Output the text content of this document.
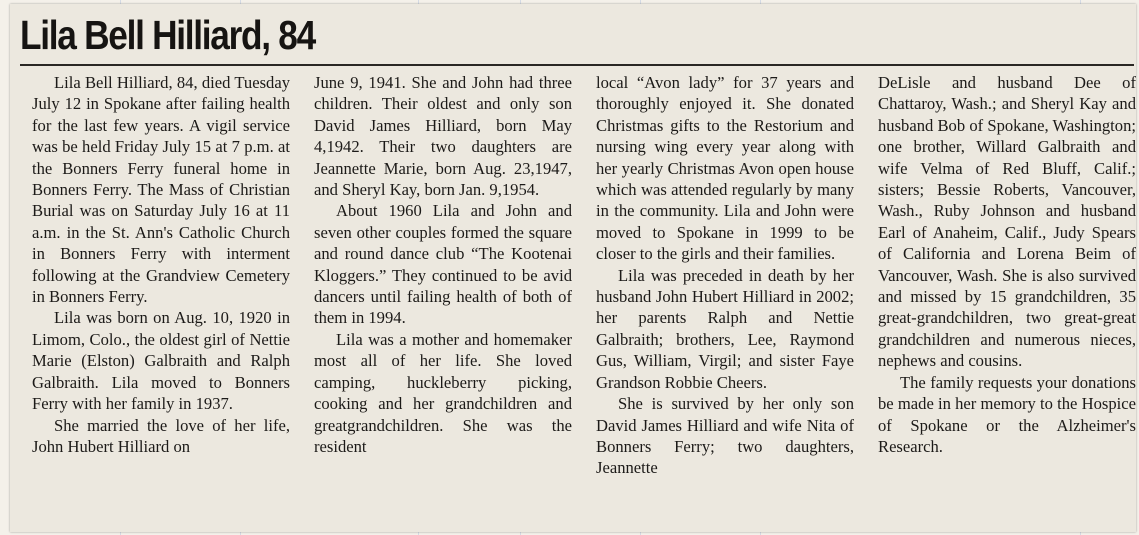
Lila Bell Hilliard, 84

Lila Bell Hilliard, 84, died Tuesday July 12 in Spokane after failing health for the last few years. A vigil service was be held Friday July 15 at 7 p.m. at the Bonners Ferry funeral home in Bonners Ferry. The Mass of Christian Burial was on Saturday July 16 at 11 a.m. in the St. Ann's Catholic Church in Bonners Ferry with interment following at the Grandview Cemetery in Bonners Ferry.

Lila was born on Aug. 10, 1920 in Limom, Colo., the oldest girl of Nettie Marie (Elston) Galbraith and Ralph Galbraith. Lila moved to Bonners Ferry with her family in 1937.

She married the love of her life, John Hubert Hilliard on

June 9, 1941. She and John had three children. Their oldest and only son David James Hilliard, born May 4,1942. Their two daughters are Jeannette Marie, born Aug. 23,1947, and Sheryl Kay, born Jan. 9,1954.

About 1960 Lila and John and seven other couples formed the square and round dance club “The Kootenai Kloggers.” They continued to be avid dancers until failing health of both of them in 1994.

Lila was a mother and homemaker most all of her life. She loved camping, huckleberry picking, cooking and her grandchildren and greatgrandchildren. She was the resident

local “Avon lady” for 37 years and thoroughly enjoyed it. She donated Christmas gifts to the Restorium and nursing wing every year along with her yearly Christmas Avon open house which was attended regularly by many in the community. Lila and John were moved to Spokane in 1999 to be closer to the girls and their families.

Lila was preceded in death by her husband John Hubert Hilliard in 2002; her parents Ralph and Nettie Galbraith; brothers, Lee, Raymond Gus, William, Virgil; and sister Faye Grandson Robbie Cheers.

She is survived by her only son David James Hilliard and wife Nita of Bonners Ferry; two daughters, Jeannette

DeLisle and husband Dee of Chattaroy, Wash.; and Sheryl Kay and husband Bob of Spokane, Washington; one brother, Willard Galbraith and wife Velma of Red Bluff, Calif.; sisters; Bessie Roberts, Vancouver, Wash., Ruby Johnson and husband Earl of Anaheim, Calif., Judy Spears of California and Lorena Beim of Vancouver, Wash. She is also survived and missed by 15 grandchildren, 35 great-grandchildren, two great-great grandchildren and numerous nieces, nephews and cousins.

The family requests your donations be made in her memory to the Hospice of Spokane or the Alzheimer's Research.
